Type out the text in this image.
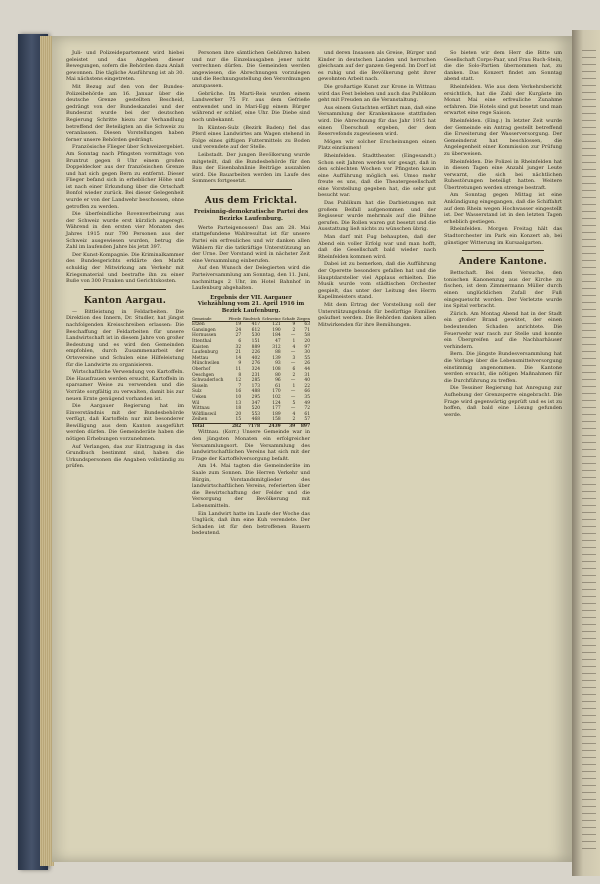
Juli- und Polizeidepartement wird hiebei geleistet und das Angehen dieser Bewegungen, sofern die Behörden dazu Anlaß gewonnen. Die tägliche Ausführung ist ab 30. Mai nächstens eingetreten.

Mit Bezug auf den von der Bundes-Polizeibehörde am 16. Januar über die deutsche Grenze gestellten Bescheid, gedrängt von der Bundeskanzlei und der Bundesrat wurde bei der deutschen Regierung Schritte hiezu zur Verhandlung betreffend der Beteiligten an die Schweiz zu veranlassen. Diesen Vorstellungen haben ferner unsere Behörden gedrängt.

Französische Flieger über Schweizergebiet. Am Sonntag nach Pfingsten vormittags von Bruntrut gegen 8 Uhr einem großen Doppeldecker aus der französischen Grenze und hat sich gegen Bern zu entfernt. Dieser Flieger befand sich in erheblicher Höhe und ist nach einer Erkundung über die Ortschaft Bonfol wieder zurück. Bei dieser Gelegenheit wurde er von der Landwehr beschossen, ohne getroffen zu werden.

Die überfeindliche Rovenverbeirung aus der Schweiz wurde erst kürzlich angeregt. Während in den ersten vier Monaten des Jahres 1915 nur 790 Personen aus der Schweiz ausgewiesen wurden, betrug die Zahl im laufenden Jahre bis jetzt 397.

Der Kunst-Kompagnie. Die Kriminalkammer des Bundesgerichts erklärte den Markt schuldig der Mitwirkung am Verkehr mit Kriegsmaterial und bestrafte ihn zu einer Buße von 300 Franken und Gerichtskosten.

Kanton Aargau.

— Bittleistung in Feldarbeiten. Die Direktion des Innern, Dr. Studler, hat jüngst nachfolgenden Kreisschreiben erlassen: Die Beschaffung der Feldarbeiten für unsere Landwirtschaft ist in diesem Jahre von großer Bedeutung und es wird den Gemeinden empfohlen, durch Zusammenarbeit der Ortsvereine und Schulen eine Hilfeleistung für die Landwirte zu organisieren.

Wirtschaftliche Verwendung von Kartoffeln. Die Hausfrauen werden ersucht, Kartoffeln in sparsamer Weise zu verwenden und die Vorräte sorgfältig zu verwalten, damit bis zur neuen Ernte genügend vorhanden ist.

Die Aargauer Regierung hat im Einverständnis mit der Bundesbehörde verfügt, daß Kartoffeln nur mit besonderer Bewilligung aus dem Kanton ausgeführt werden dürfen. Die Gemeinderäte haben die nötigen Erhebungen vorzunehmen.

Auf Verlangen, das zur Eintragung in das Grundbuch bestimmt sind, haben die Urkundspersonen die Angaben vollständig zu prüfen.

Personen ihre sämtlichen Gebühren haben und nur die Einzelausgaben jener nicht verrechnen dürfen. Die Gemeinden werden angewiesen, die Abrechnungen vorzulegen und die Rechnungsstellung den Verordnungen anzupassen.

Gebrüche. Im Marti-Reis wurden einem Landwerker 75 Fr. aus dem Gefrieße entwendet und in Mari-Egg einem Bürger während er schlief, eine Uhr. Die Diebe sind noch unbekannt.

In Künten-Sulz (Bezirk Baden) fiel das Pferd eines Landwirtes am Wagen stehend in Folge eines giftigen Futtermittels zu Boden und verendete auf der Stelle.

Leibstadt. Der jungen Bevölkerung wurde mitgeteilt, daß die Bundesbehörde für den Bau der Eisenbahnlinie Beiträge auszahlen wird. Die Bauarbeiten werden im Laufe des Sommers fortgesetzt.

Aus dem Fricktal.
Freisinnig-demokratische Partei des Bezirks Laufenburg.

Werte Parteigenossen! Das am 28. Mai stattgefundene Wahlresultat ist für unsere Partei ein erfreuliches und wir danken allen Wählern für die tatkräftige Unterstützung an der Urne. Der Vorstand wird in nächster Zeit eine Versammlung einberufen.

Auf den Wunsch der Delegierten wird die Parteiversammlung am Sonntag, den 11. Juni, nachmittags 2 Uhr, im Hotel Bahnhof in Laufenburg abgehalten.

Ergebnis der VII. Aargauer Viehzählung vom 21. April 1916 im Bezirk Laufenburg.
Gemeinde	Pferde	Rindvieh	Schweine	Schafe	Ziegen
Etzen	19	417	121	9	63
Gansingen	24	612	190	2	71
Hornussen	27	530	184	—	58
Ittenthal	6	151	47	1	20
Kaisten	32	889	312	4	97
Laufenburg	21	226	88	—	30
Mettau	14	402	139	3	55
Münchwilen	9	276	93	—	26
Oberhof	11	324	108	6	44
Oeschgen	8	231	80	2	31
Schwaderloch	12	285	96	—	40
Sisseln	7	173	61	1	22
Sulz	16	488	170	—	66
Ueken	10	295	102	—	35
Wil	13	347	124	5	49
Wittnau	18	520	177	—	72
Wölflinswil	20	553	189	4	61
Zeihen	15	468	158	2	57
Total	282	7178	2439	39	897

Wittnau. (Korr.) Unsere Gemeinde war in den jüngsten Monaten ein erfolgreicher Versammlungsort. Die Versammlung des landwirtschaftlichen Vereins hat sich mit der Frage der Kartoffelversorgung befaßt.

Am 14. Mai tagten die Gemeinderäte im Saale zum Sonnen. Die Herren Verkehr und Bürgin, Vorstandsmitglieder des landwirtschaftlichen Vereins, referierten über die Bewirtschaftung der Felder und die Versorgung der Bevölkerung mit Lebensmitteln.

Ein Landwirt hatte im Laufe der Woche das Unglück, daß ihm eine Kuh verendete. Der Schaden ist für den betroffenen Bauern bedeutend.

und deren Insassen als Greise, Bürger und Kinder in deutschen Landen und herrschen gleichsam auf der ganzen Gegend. Im Dorf ist es ruhig und die Bevölkerung geht ihrer gewohnten Arbeit nach.

Die großartige Kunst zur Krone in Wittnau wird das Fest beleben und auch das Publikum geht mit Freuden an die Veranstaltung.

Aus einem Gutachten erfährt man, daß eine Versammlung der Krankenkasse stattfinden wird. Die Abrechnung für das Jahr 1915 hat einen Überschuß ergeben, der dem Reservefonds zugewiesen wird.

Mögen wir solcher Erscheinungen einen Platz einräumen!

Rheinfelden. Stadttheater. (Eingesandt.) Schon seit Jahren werden wir gesagt, daß in den schlechten Wochen vor Pfingsten kaum eine Aufführung möglich sei. Umso mehr freute es uns, daß die Theatergesellschaft eine Vorstellung gegeben hat, die sehr gut besucht war.

Das Publikum hat die Darbietungen mit großem Beifall aufgenommen und der Regisseur wurde mehrmals auf die Bühne gerufen. Die Rollen waren gut besetzt und die Ausstattung ließ nichts zu wünschen übrig.

Man darf mit Fug behaupten, daß der Abend ein voller Erfolg war und man hofft, daß die Gesellschaft bald wieder nach Rheinfelden kommen wird.

Dabei ist zu bemerken, daß die Aufführung der Operette besonders gefallen hat und die Hauptdarsteller viel Applaus erhielten. Die Musik wurde vom städtischen Orchester gespielt, das unter der Leitung des Herrn Kapellmeisters stand.

Mit dem Ertrag der Vorstellung soll der Unterstützungsfonds für bedürftige Familien geäufnet werden. Die Behörden danken allen Mitwirkenden für ihre Bemühungen.

So bieten wir dem Herr die Bitte um Gesellschaft Corps-Paar, und Frau Ruch-Stein, die die Solo-Partien übernommen hat, zu danken. Das Konzert findet am Sonntag abend statt.

Rheinfelden. Wie aus dem Verkehrsbericht ersichtlich, hat die Zahl der Kurgäste im Monat Mai eine erfreuliche Zunahme erfahren. Die Hotels sind gut besetzt und man erwartet eine rege Saison.

Rheinfelden. (Eing.) In letzter Zeit wurde der Gemeinde ein Antrag gestellt betreffend die Erweiterung der Wasserversorgung. Der Gemeinderat hat beschlossen, die Angelegenheit einer Kommission zur Prüfung zu überweisen.

Rheinfelden. Die Polizei in Rheinfelden hat in diesen Tagen eine Anzahl junger Leute verwarnt, die sich bei nächtlichen Ruhestörungen beteiligt hatten. Weitere Übertretungen werden strenge bestraft.

Am Sonntag gegen Mittag ist eine Ankündigung eingegangen, daß die Schiffahrt auf dem Rhein wegen Hochwasser eingestellt ist. Der Wasserstand ist in den letzten Tagen erheblich gestiegen.

Rheinfelden. Morgen Freitag hält das Stadtorchester im Park ein Konzert ab, bei günstiger Witterung im Kursaalgarten.

Andere Kantone.

Bettschaft. Bei dem Versuche, den tonischen Kanonenzug aus der Kirche zu fischen, ist dem Zimmermann Müller durch einen unglücklichen Zufall der Fuß eingequetscht worden. Der Verletzte wurde ins Spital verbracht.

Zürich. Am Montag Abend hat in der Stadt ein großer Brand gewütet, der einen bedeutenden Schaden anrichtete. Die Feuerwehr war rasch zur Stelle und konnte ein Übergreifen auf die Nachbarhäuser verhindern.

Bern. Die jüngste Bundesversammlung hat die Vorlage über die Lebensmittelversorgung einstimmig angenommen. Die Kantone werden ersucht, die nötigen Maßnahmen für die Durchführung zu treffen.

Die Tessiner Regierung hat Anregung zur Aufhebung der Grenzsperre eingebracht. Die Frage wird gegenwärtig geprüft und es ist zu hoffen, daß bald eine Lösung gefunden werde.
